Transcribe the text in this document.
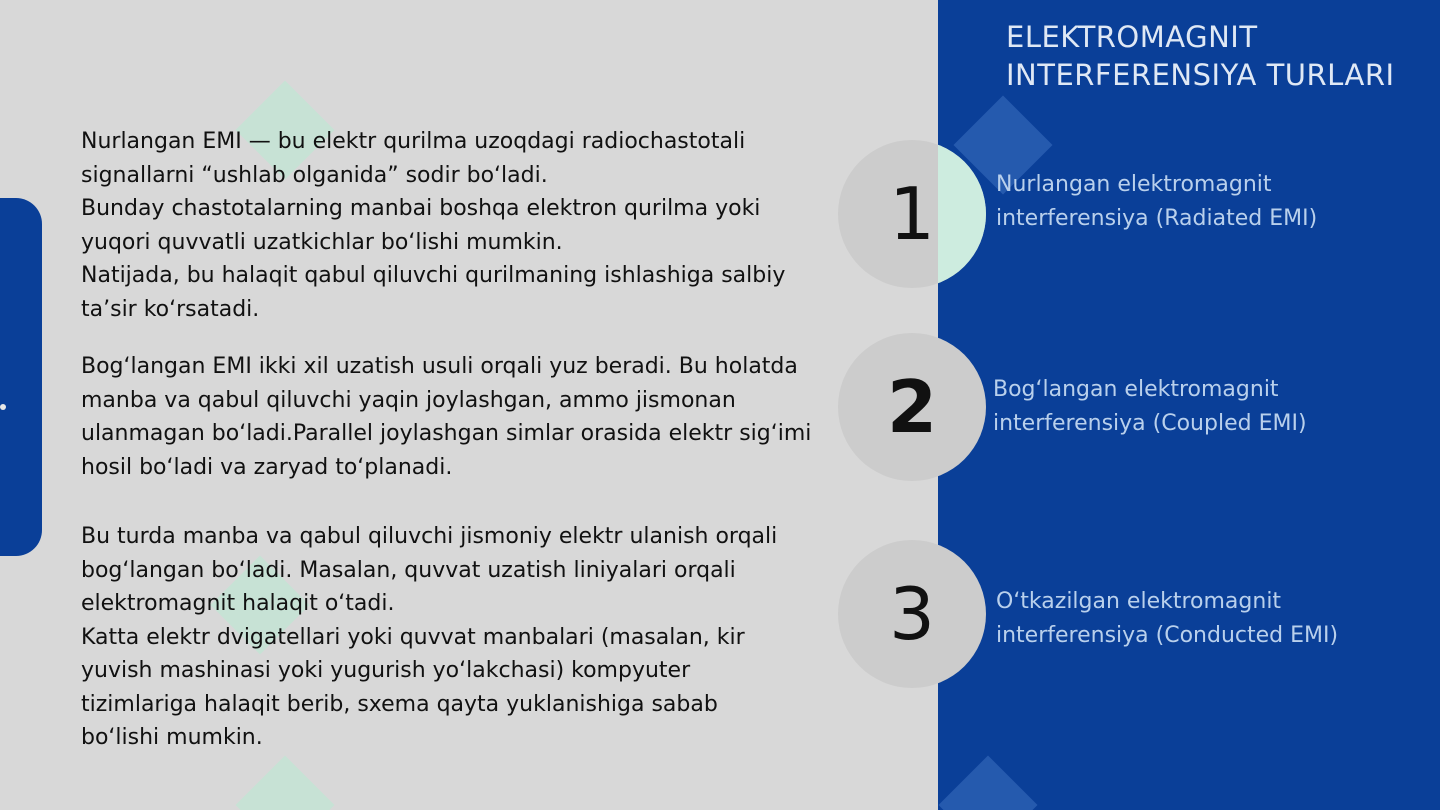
Nurlangan EMI — bu elektr qurilma uzoqdagi radiochastotali
signallarni “ushlab olganida” sodir bo‘ladi.
Bunday chastotalarning manbai boshqa elektron qurilma yoki
yuqori quvvatli uzatkichlar bo‘lishi mumkin.
Natijada, bu halaqit qabul qiluvchi qurilmaning ishlashiga salbiy
ta’sir ko‘rsatadi.

Bog‘langan EMI ikki xil uzatish usuli orqali yuz beradi. Bu holatda
manba va qabul qiluvchi yaqin joylashgan, ammo jismonan
ulanmagan bo‘ladi.Parallel joylashgan simlar orasida elektr sig‘imi
hosil bo‘ladi va zaryad to‘planadi.

Bu turda manba va qabul qiluvchi jismoniy elektr ulanish orqali
bog‘langan bo‘ladi. Masalan, quvvat uzatish liniyalari orqali
elektromagnit halaqit o‘tadi.
Katta elektr dvigatellari yoki quvvat manbalari (masalan, kir
yuvish mashinasi yoki yugurish yo‘lakchasi) kompyuter
tizimlariga halaqit berib, sxema qayta yuklanishiga sabab
bo‘lishi mumkin.

ELEKTROMAGNIT
INTERFERENSIYA TURLARI
1	Nurlangan elektromagnit
interferensiya (Radiated EMI)

2	Bog‘langan elektromagnit
interferensiya (Coupled EMI)

3	O‘tkazilgan elektromagnit
interferensiya (Conducted EMI)
